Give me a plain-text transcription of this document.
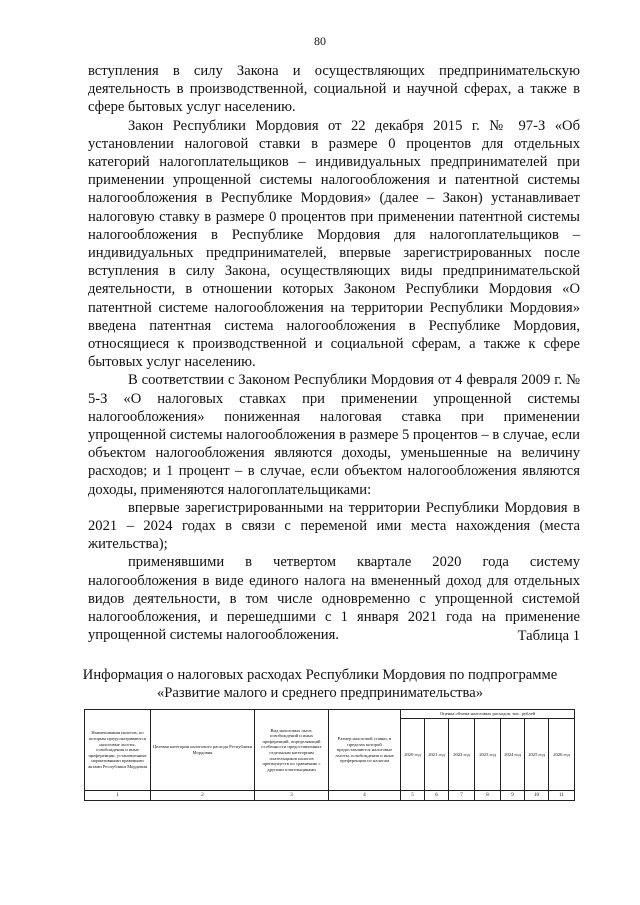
80

вступления в силу Закона и осуществляющих предпринимательскую деятельность в производственной, социальной и научной сферах, а также в сфере бытовых услуг населению.

Закон Республики Мордовия от 22 декабря 2015 г. № 97-З «Об установлении налоговой ставки в размере 0 процентов для отдельных категорий налогоплательщиков – индивидуальных предпринимателей при применении упрощенной системы налогообложения и патентной системы налогообложения в Республике Мордовия» (далее – Закон) устанавливает налоговую ставку в размере 0 процентов при применении патентной системы налогообложения в Республике Мордовия для налогоплательщиков – индивидуальных предпринимателей, впервые зарегистрированных после вступления в силу Закона, осуществляющих виды предпринимательской деятельности, в отношении которых Законом Республики Мордовия «О патентной системе налогообложения на территории Республики Мордовия» введена патентная система налогообложения в Республике Мордовия, относящиеся к производственной и социальной сферам, а также к сфере бытовых услуг населению.

В соответствии с Законом Республики Мордовия от 4 февраля 2009 г. № 5-З «О налоговых ставках при применении упрощенной системы налогообложения» пониженная налоговая ставка при применении упрощенной системы налогообложения в размере 5 процентов – в случае, если объектом налогообложения являются доходы, уменьшенные на величину расходов; и 1 процент – в случае, если объектом налогообложения являются доходы, применяются налогоплательщиками:

впервые зарегистрированными на территории Республики Мордовия в 2021 – 2024 годах в связи с переменой ими места нахождения (места жительства);

применявшими в четвертом квартале 2020 года систему налогообложения в виде единого налога на вмененный доход для отдельных видов деятельности, в том числе одновременно с упрощенной системой налогообложения, и перешедшими с 1 января 2021 года на применение упрощенной системы налогообложения.	Таблица 1
Информация о налоговых расходах Республики Мордовия по подпрограмме
«Развитие малого и среднего предпринимательства»
Наименования налогов, по которым предусматриваются налоговые льготы, освобождения и иные преференции, установленные нормативными правовыми актами Республики Мордовия	Целевая категория налогового расхода Республики Мордовия	Вид налоговых льгот, освобождений и иных преференций, определяющий особенности предоставленных отдельным категориям плательщиков налогов преимуществ по сравнению с другими плательщиками	Размер налоговой ставки, в пределах которой предоставляются налоговые льготы, освобождения и иные преференции по налогам	Оценка объема налоговых расходов, тыс. рублей						
				2020 год	2021 год	2022 год	2023 год	2024 год	2025 год	2026 год
1	2	3	4	5	6	7	8	9	10	11
